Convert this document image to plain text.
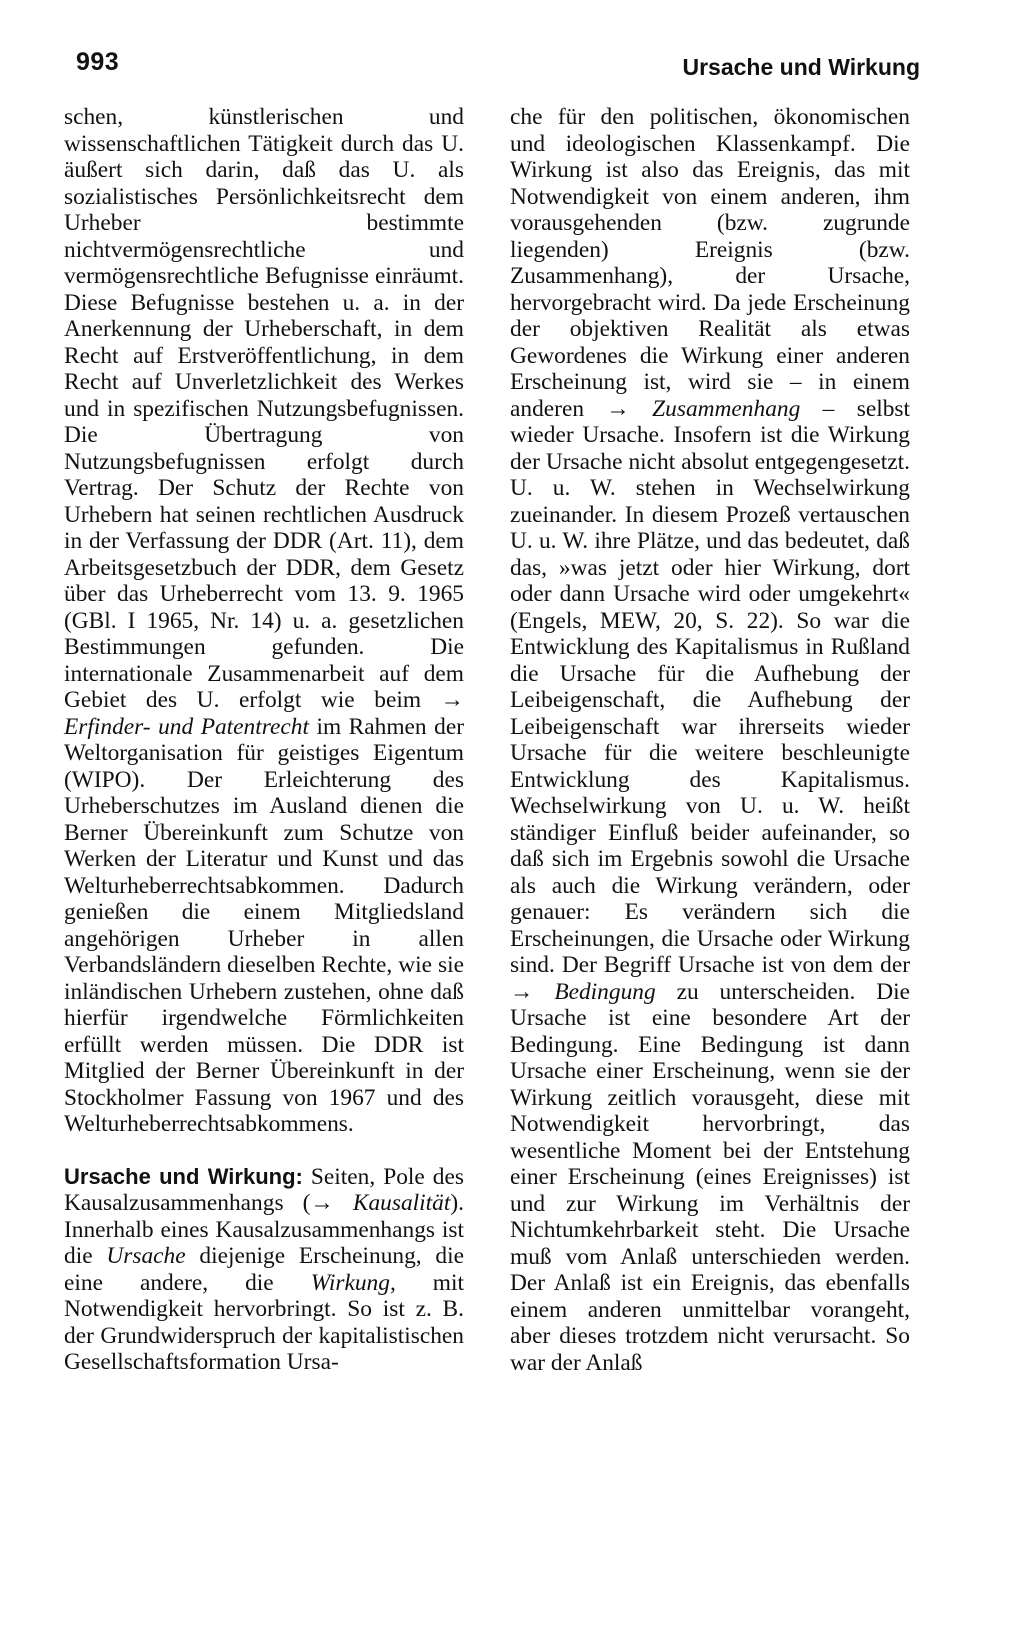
993	Ursache und Wirkung

schen, künstlerischen und wissenschaftlichen Tätigkeit durch das U. äußert sich darin, daß das U. als sozialistisches Persönlichkeitsrecht dem Urheber bestimmte nichtvermögensrechtliche und vermögensrechtliche Befugnisse einräumt. Diese Befugnisse bestehen u. a. in der Anerkennung der Urheberschaft, in dem Recht auf Erstveröffentlichung, in dem Recht auf Unverletzlichkeit des Werkes und in spezifischen Nutzungsbefugnissen. Die Übertragung von Nutzungsbefugnissen erfolgt durch Vertrag. Der Schutz der Rechte von Urhebern hat seinen rechtlichen Ausdruck in der Verfassung der DDR (Art. 11), dem Arbeitsgesetzbuch der DDR, dem Gesetz über das Urheberrecht vom 13. 9. 1965 (GBl. I 1965, Nr. 14) u. a. gesetzlichen Bestimmungen gefunden. Die internationale Zusammenarbeit auf dem Gebiet des U. erfolgt wie beim → Erfinder- und Patentrecht im Rahmen der Weltorganisation für geistiges Eigentum (WIPO). Der Erleichterung des Urheberschutzes im Ausland dienen die Berner Übereinkunft zum Schutze von Werken der Literatur und Kunst und das Welturheberrechtsabkommen. Dadurch genießen die einem Mitgliedsland angehörigen Urheber in allen Verbandsländern dieselben Rechte, wie sie inländischen Urhebern zustehen, ohne daß hierfür irgendwelche Förmlichkeiten erfüllt werden müssen. Die DDR ist Mitglied der Berner Übereinkunft in der Stockholmer Fassung von 1967 und des Welturheberrechtsabkommens.

Ursache und Wirkung: Seiten, Pole des Kausalzusammenhangs (→ Kausalität). Innerhalb eines Kausalzusammenhangs ist die Ursache diejenige Erscheinung, die eine andere, die Wirkung, mit Notwendigkeit hervorbringt. So ist z. B. der Grundwiderspruch der kapitalistischen Gesellschaftsformation Ursa-

che für den politischen, ökonomischen und ideologischen Klassenkampf. Die Wirkung ist also das Ereignis, das mit Notwendigkeit von einem anderen, ihm vorausgehenden (bzw. zugrunde liegenden) Ereignis (bzw. Zusammenhang), der Ursache, hervorgebracht wird. Da jede Erscheinung der objektiven Realität als etwas Gewordenes die Wirkung einer anderen Erscheinung ist, wird sie – in einem anderen → Zusammenhang – selbst wieder Ursache. Insofern ist die Wirkung der Ursache nicht absolut entgegengesetzt. U. u. W. stehen in Wechselwirkung zueinander. In diesem Prozeß vertauschen U. u. W. ihre Plätze, und das bedeutet, daß das, »was jetzt oder hier Wirkung, dort oder dann Ursache wird oder umgekehrt« (Engels, MEW, 20, S. 22). So war die Entwicklung des Kapitalismus in Rußland die Ursache für die Aufhebung der Leibeigenschaft, die Aufhebung der Leibeigenschaft war ihrerseits wieder Ursache für die weitere beschleunigte Entwicklung des Kapitalismus. Wechselwirkung von U. u. W. heißt ständiger Einfluß beider aufeinander, so daß sich im Ergebnis sowohl die Ursache als auch die Wirkung verändern, oder genauer: Es verändern sich die Erscheinungen, die Ursache oder Wirkung sind. Der Begriff Ursache ist von dem der → Bedingung zu unterscheiden. Die Ursache ist eine besondere Art der Bedingung. Eine Bedingung ist dann Ursache einer Erscheinung, wenn sie der Wirkung zeitlich vorausgeht, diese mit Notwendigkeit hervorbringt, das wesentliche Moment bei der Entstehung einer Erscheinung (eines Ereignisses) ist und zur Wirkung im Verhältnis der Nichtumkehrbarkeit steht. Die Ursache muß vom Anlaß unterschieden werden. Der Anlaß ist ein Ereignis, das ebenfalls einem anderen unmittelbar vorangeht, aber dieses trotzdem nicht verursacht. So war der Anlaß
